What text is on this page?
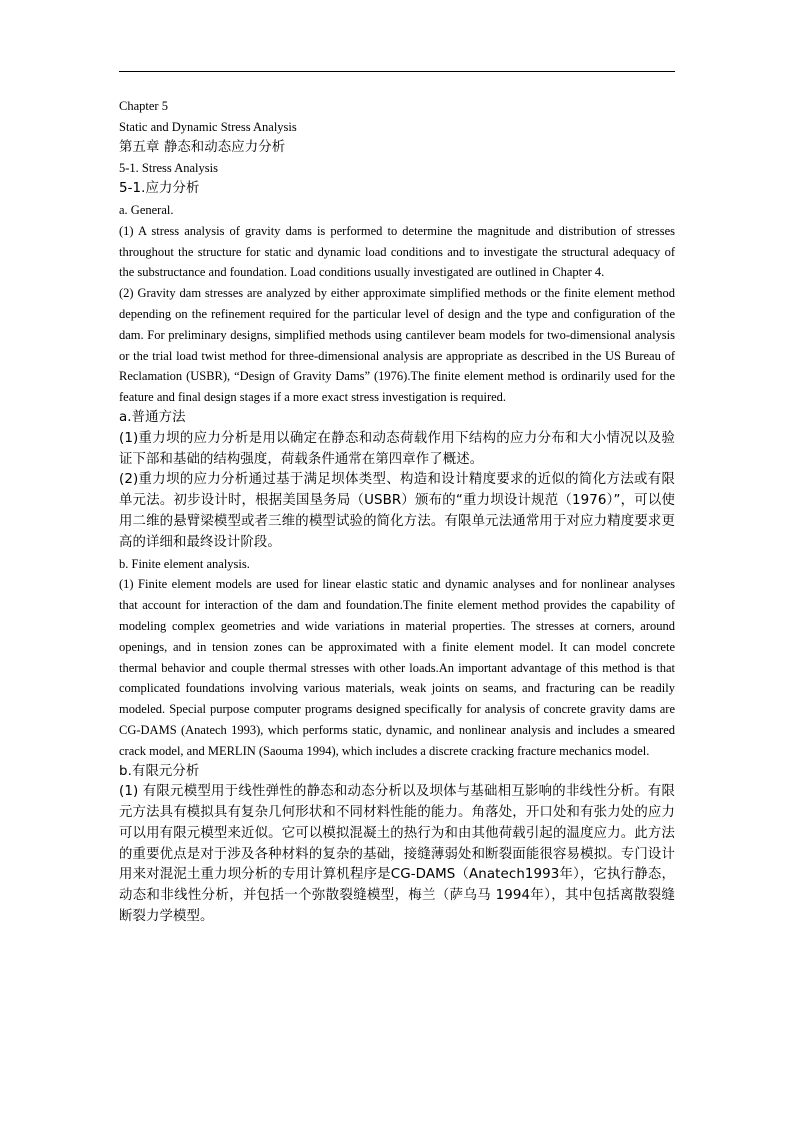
Chapter 5

Static and Dynamic Stress Analysis

第五章 静态和动态应力分析

5-1. Stress Analysis

5-1.应力分析

a. General.

(1) A stress analysis of gravity dams is performed to determine the magnitude and distribution of stresses throughout the structure for static and dynamic load conditions and to investigate the structural adequacy of the substructance and foundation. Load conditions usually investigated are outlined in Chapter 4.

(2) Gravity dam stresses are analyzed by either approximate simplified methods or the finite element method depending on the refinement required for the particular level of design and the type and configuration of the dam. For preliminary designs, simplified methods using cantilever beam models for two-dimensional analysis or the trial load twist method for three-dimensional analysis are appropriate as described in the US Bureau of Reclamation (USBR), “Design of Gravity Dams” (1976).The finite element method is ordinarily used for the feature and final design stages if a more exact stress investigation is required.

a.普通方法

(1)重力坝的应力分析是用以确定在静态和动态荷载作用下结构的应力分布和大小情况以及验证下部和基础的结构强度，荷载条件通常在第四章作了概述。

(2)重力坝的应力分析通过基于满足坝体类型、构造和设计精度要求的近似的简化方法或有限单元法。初步设计时，根据美国垦务局（USBR）颁布的“重力坝设计规范（1976）”，可以使用二维的悬臂梁模型或者三维的模型试验的简化方法。有限单元法通常用于对应力精度要求更高的详细和最终设计阶段。

b. Finite element analysis.

(1) Finite element models are used for linear elastic static and dynamic analyses and for nonlinear analyses that account for interaction of the dam and foundation.The finite element method provides the capability of modeling complex geometries and wide variations in material properties. The stresses at corners, around openings, and in tension zones can be approximated with a finite element model. It can model concrete thermal behavior and couple thermal stresses with other loads.An important advantage of this method is that complicated foundations involving various materials, weak joints on seams, and fracturing can be readily modeled. Special purpose computer programs designed specifically for analysis of concrete gravity dams are CG-DAMS (Anatech 1993), which performs static, dynamic, and nonlinear analysis and includes a smeared crack model, and MERLIN (Saouma 1994), which includes a discrete cracking fracture mechanics model.

b.有限元分析

(1) 有限元模型用于线性弹性的静态和动态分析以及坝体与基础相互影响的非线性分析。有限元方法具有模拟具有复杂几何形状和不同材料性能的能力。角落处，开口处和有张力处的应力可以用有限元模型来近似。它可以模拟混凝土的热行为和由其他荷载引起的温度应力。此方法的重要优点是对于涉及各种材料的复杂的基础，接缝薄弱处和断裂面能很容易模拟。专门设计用来对混泥土重力坝分析的专用计算机程序是CG-DAMS（Anatech1993年），它执行静态，动态和非线性分析，并包括一个弥散裂缝模型，梅兰（萨乌马 1994年），其中包括离散裂缝断裂力学模型。
